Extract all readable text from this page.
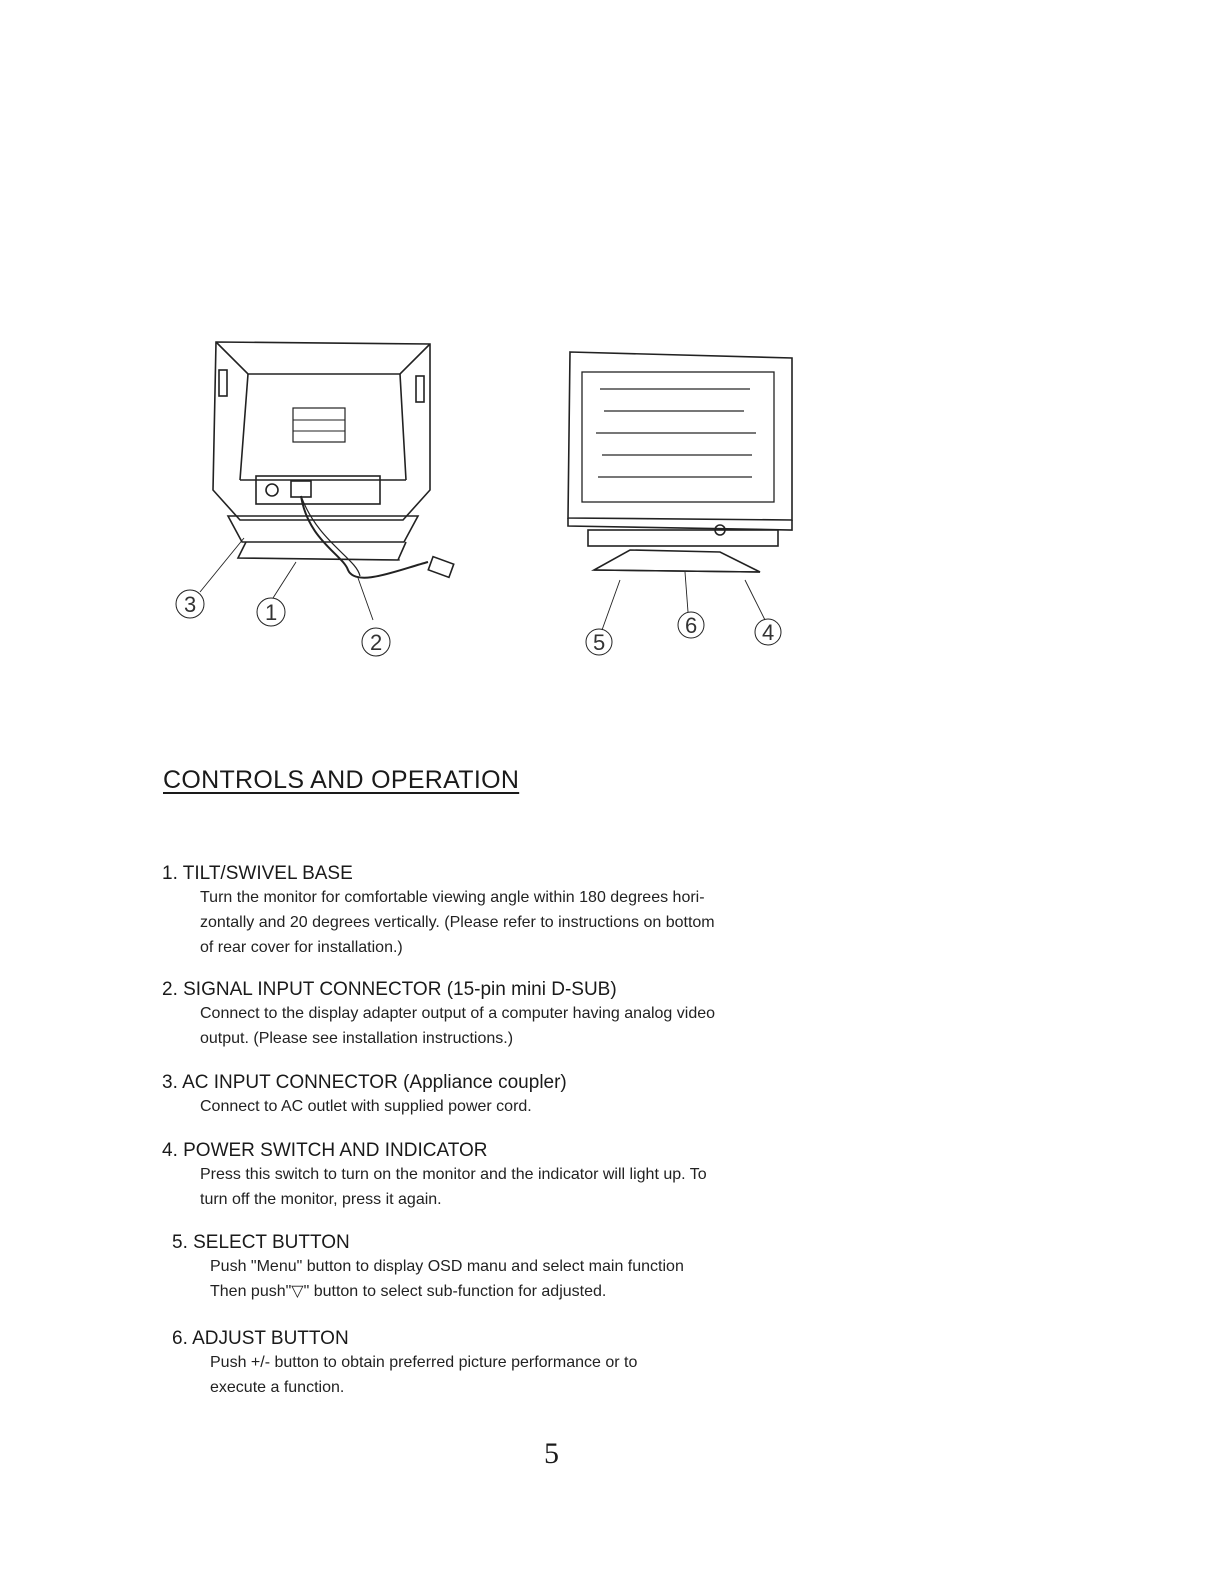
3	1
2	5
6	4
CONTROLS AND OPERATION
1. TILT/SWIVEL BASE
Turn the monitor for comfortable viewing angle within 180 degrees hori-
zontally and 20 degrees vertically. (Please refer to instructions on bottom
of rear cover for installation.)
2. SIGNAL INPUT CONNECTOR (15-pin mini D-SUB)
Connect to the display adapter output of a computer having analog video
output. (Please see installation instructions.)
3. AC INPUT CONNECTOR (Appliance coupler)
Connect to AC outlet with supplied power cord.
4. POWER SWITCH AND INDICATOR
Press this switch to turn on the monitor and the indicator will light up. To
turn off the monitor, press it again.
5. SELECT BUTTON
Push "Menu" button to display OSD manu and select main function
Then push"▽" button to select sub-function for adjusted.
6. ADJUST BUTTON
Push +/- button to obtain preferred picture performance or to
execute a function.
5
